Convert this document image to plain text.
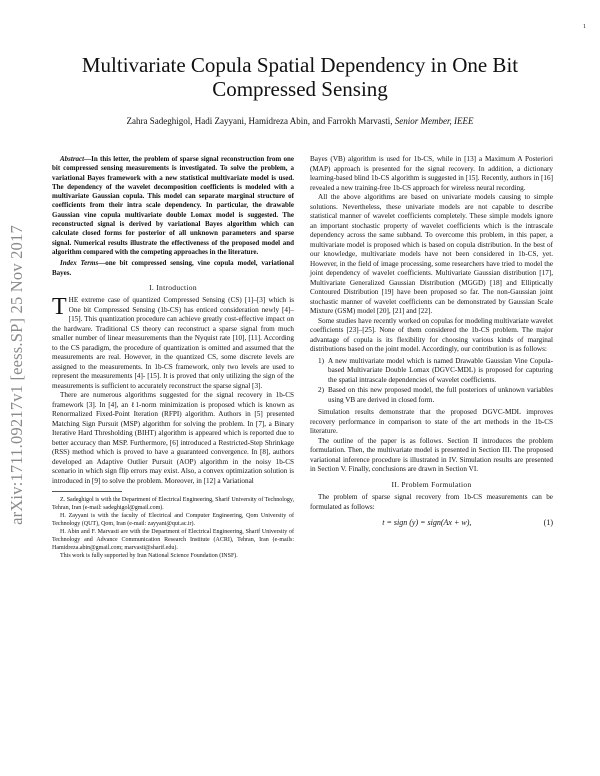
1
arXiv:1711.09217v1 [eess.SP] 25 Nov 2017
Multivariate Copula Spatial Dependency in One Bit Compressed Sensing
Zahra Sadeghigol, Hadi Zayyani, Hamidreza Abin, and Farrokh Marvasti, Senior Member, IEEE

Abstract—In this letter, the problem of sparse signal reconstruction from one bit compressed sensing measurements is investigated. To solve the problem, a variational Bayes framework with a new statistical multivariate model is used. The dependency of the wavelet decomposition coefficients is modeled with a multivariate Gaussian copula. This model can separate marginal structure of coefficients from their intra scale dependency. In particular, the drawable Gaussian vine copula multivariate double Lomax model is suggested. The reconstructed signal is derived by variational Bayes algorithm which can calculate closed forms for posterior of all unknown parameters and sparse signal. Numerical results illustrate the effectiveness of the proposed model and algorithm compared with the competing approaches in the literature.

Index Terms—one bit compressed sensing, vine copula model, variational Bayes.

I. Introduction

THE extreme case of quantized Compressed Sensing (CS) [1]–[3] which is One bit Compressed Sensing (1b-CS) has enticed consideration newly [4]–[15]. This quantization procedure can achieve greatly cost-effective impact on the hardware. Traditional CS theory can reconstruct a sparse signal from much smaller number of linear measurements than the Nyquist rate [10], [11]. According to the CS paradigm, the procedure of quantization is omitted and assumed that the measurements are real. However, in the quantized CS, some discrete levels are assigned to the measurements. In 1b-CS framework, only two levels are used to represent the measurements [4]- [15]. It is proved that only utilizing the sign of the measurements is sufficient to accurately reconstruct the sparse signal [3].

There are numerous algorithms suggested for the signal recovery in 1b-CS framework [3]. In [4], an ℓ1-norm minimization is proposed which is known as Renormalized Fixed-Point Iteration (RFPI) algorithm. Authors in [5] presented Matching Sign Pursuit (MSP) algorithm for solving the problem. In [7], a Binary Iterative Hard Thresholding (BIHT) algorithm is appeared which is reported due to better accuracy than MSP. Furthermore, [6] introduced a Restricted-Step Shrinkage (RSS) method which is proved to have a guaranteed convergence. In [8], authors developed an Adaptive Outlier Pursuit (AOP) algorithm in the noisy 1b-CS scenario in which sign flip errors may exist. Also, a convex optimization solution is introduced in [9] to solve the problem. Moreover, in [12] a Variational

Z. Sadeghigol is with the Department of Electrical Engineering, Sharif University of Technology, Tehran, Iran (e-mail: sadeghigol@gmail.com).

H. Zayyani is with the faculty of Electrical and Computer Engineering, Qom University of Technology (QUT), Qom, Iran (e-mail: zayyani@qut.ac.ir).

H. Abin and F. Marvasti are with the Department of Electrical Engineering, Sharif University of Technology and Advance Communication Research Institute (ACRI), Tehran, Iran (e-mails: Hamidreza.abin@gmail.com; marvasti@sharif.edu).

This work is fully supported by Iran National Science Foundation (INSF).

Bayes (VB) algorithm is used for 1b-CS, while in [13] a Maximum A Posteriori (MAP) approach is presented for the signal recovery. In addition, a dictionary learning-based blind 1b-CS algorithm is suggested in [15]. Recently, authors in [16] revealed a new training-free 1b-CS approach for wireless neural recording.

All the above algorithms are based on univariate models causing to simple solutions. Nevertheless, these univariate models are not capable to describe statistical manner of wavelet coefficients completely. These simple models ignore an important stochastic property of wavelet coefficients which is the intrascale dependency across the same subband. To overcome this problem, in this paper, a multivariate model is proposed which is based on copula distribution. In the best of our knowledge, multivariate models have not been considered in 1b-CS, yet. However, in the field of image processing, some researchers have tried to model the joint dependency of wavelet coefficients. Multivariate Gaussian distribution [17], Multivariate Generalized Gaussian Distribution (MGGD) [18] and Elliptically Contoured Distribution [19] have been proposed so far. The non-Gaussian joint stochastic manner of wavelet coefficients can be demonstrated by Gaussian Scale Mixture (GSM) model [20], [21] and [22].

Some studies have recently worked on copulas for modeling multivariate wavelet coefficients [23]–[25]. None of them considered the 1b-CS problem. The major advantage of copula is its flexibility for choosing various kinds of marginal distributions based on the joint model. Accordingly, our contribution is as follows:

1) A new multivariate model which is named Drawable Gaussian Vine Copula-based Multivariate Double Lomax (DGVC-MDL) is proposed for capturing the spatial intrascale dependencies of wavelet coefficients.
2) Based on this new proposed model, the full posteriors of unknown variables using VB are derived in closed form.

Simulation results demonstrate that the proposed DGVC-MDL improves recovery performance in comparison to state of the art methods in the 1b-CS literature.

The outline of the paper is as follows. Section II introduces the problem formulation. Then, the multivariate model is presented in Section III. The proposed variational inference procedure is illustrated in IV. Simulation results are presented in Section V. Finally, conclusions are drawn in Section VI.

II. Problem Formulation

The problem of sparse signal recovery from 1b-CS measurements can be formulated as follows:

t = sign (y) = sign(Ax + w),	(1)
